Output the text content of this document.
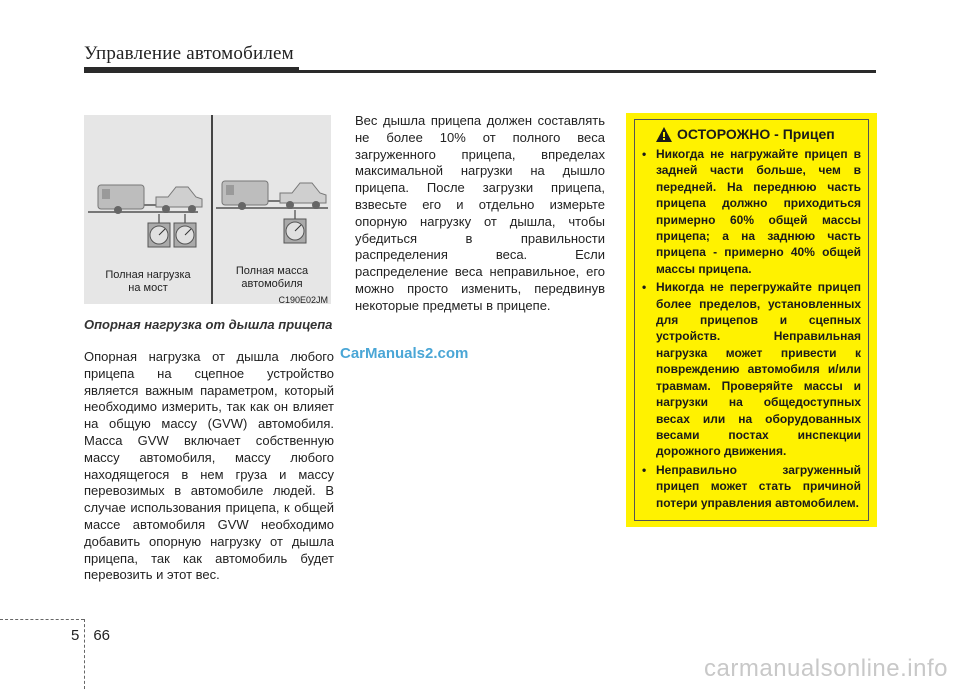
Управление автомобилем
Полная нагрузка
на мост
Полная масса
автомобиля
C190E02JM
Опорная нагрузка от дышла прицепа
Опорная нагрузка от дышла любого прицепа на сцепное устройство является важным параметром, который необходимо измерить, так как он влияет на общую массу (GVW) автомобиля. Масса GVW включает собственную массу автомобиля, массу любого находящегося в нем груза и массу перевозимых в автомобиле людей. В случае использования прицепа, к общей массе автомобиля GVW необходимо добавить опорную нагрузку от дышла прицепа, так как автомобиль будет перевозить и этот вес.
Вес дышла прицепа должен составлять не более 10% от полного веса загруженного прицепа, впределах максимальной нагрузки на дышло прицепа. После загрузки прицепа, взвесьте его и отдельно измерьте опорную нагрузку от дышла, чтобы убедиться в правильности распределения веса. Если распределение веса неправильное, его можно просто изменить, передвинув некоторые предметы в прицепе.
ОСТОРОЖНО - Прицеп
• Никогда не нагружайте прицеп в задней части больше, чем в передней. На переднюю часть прицепа должно приходиться примерно 60% общей массы прицепа; а на заднюю часть прицепа - примерно 40% общей массы прицепа.
• Никогда не перегружайте прицеп более пределов, установленных для прицепов и сцепных устройств. Неправильная нагрузка может привести к повреждению автомобиля и/или травмам. Проверяйте массы и нагрузки на общедоступных весах или на оборудованных весами постах инспекции дорожного движения.
• Неправильно загруженный прицеп может стать причиной потери управления автомобилем.
CarManuals2.com
5 66
carmanualsonline.info
